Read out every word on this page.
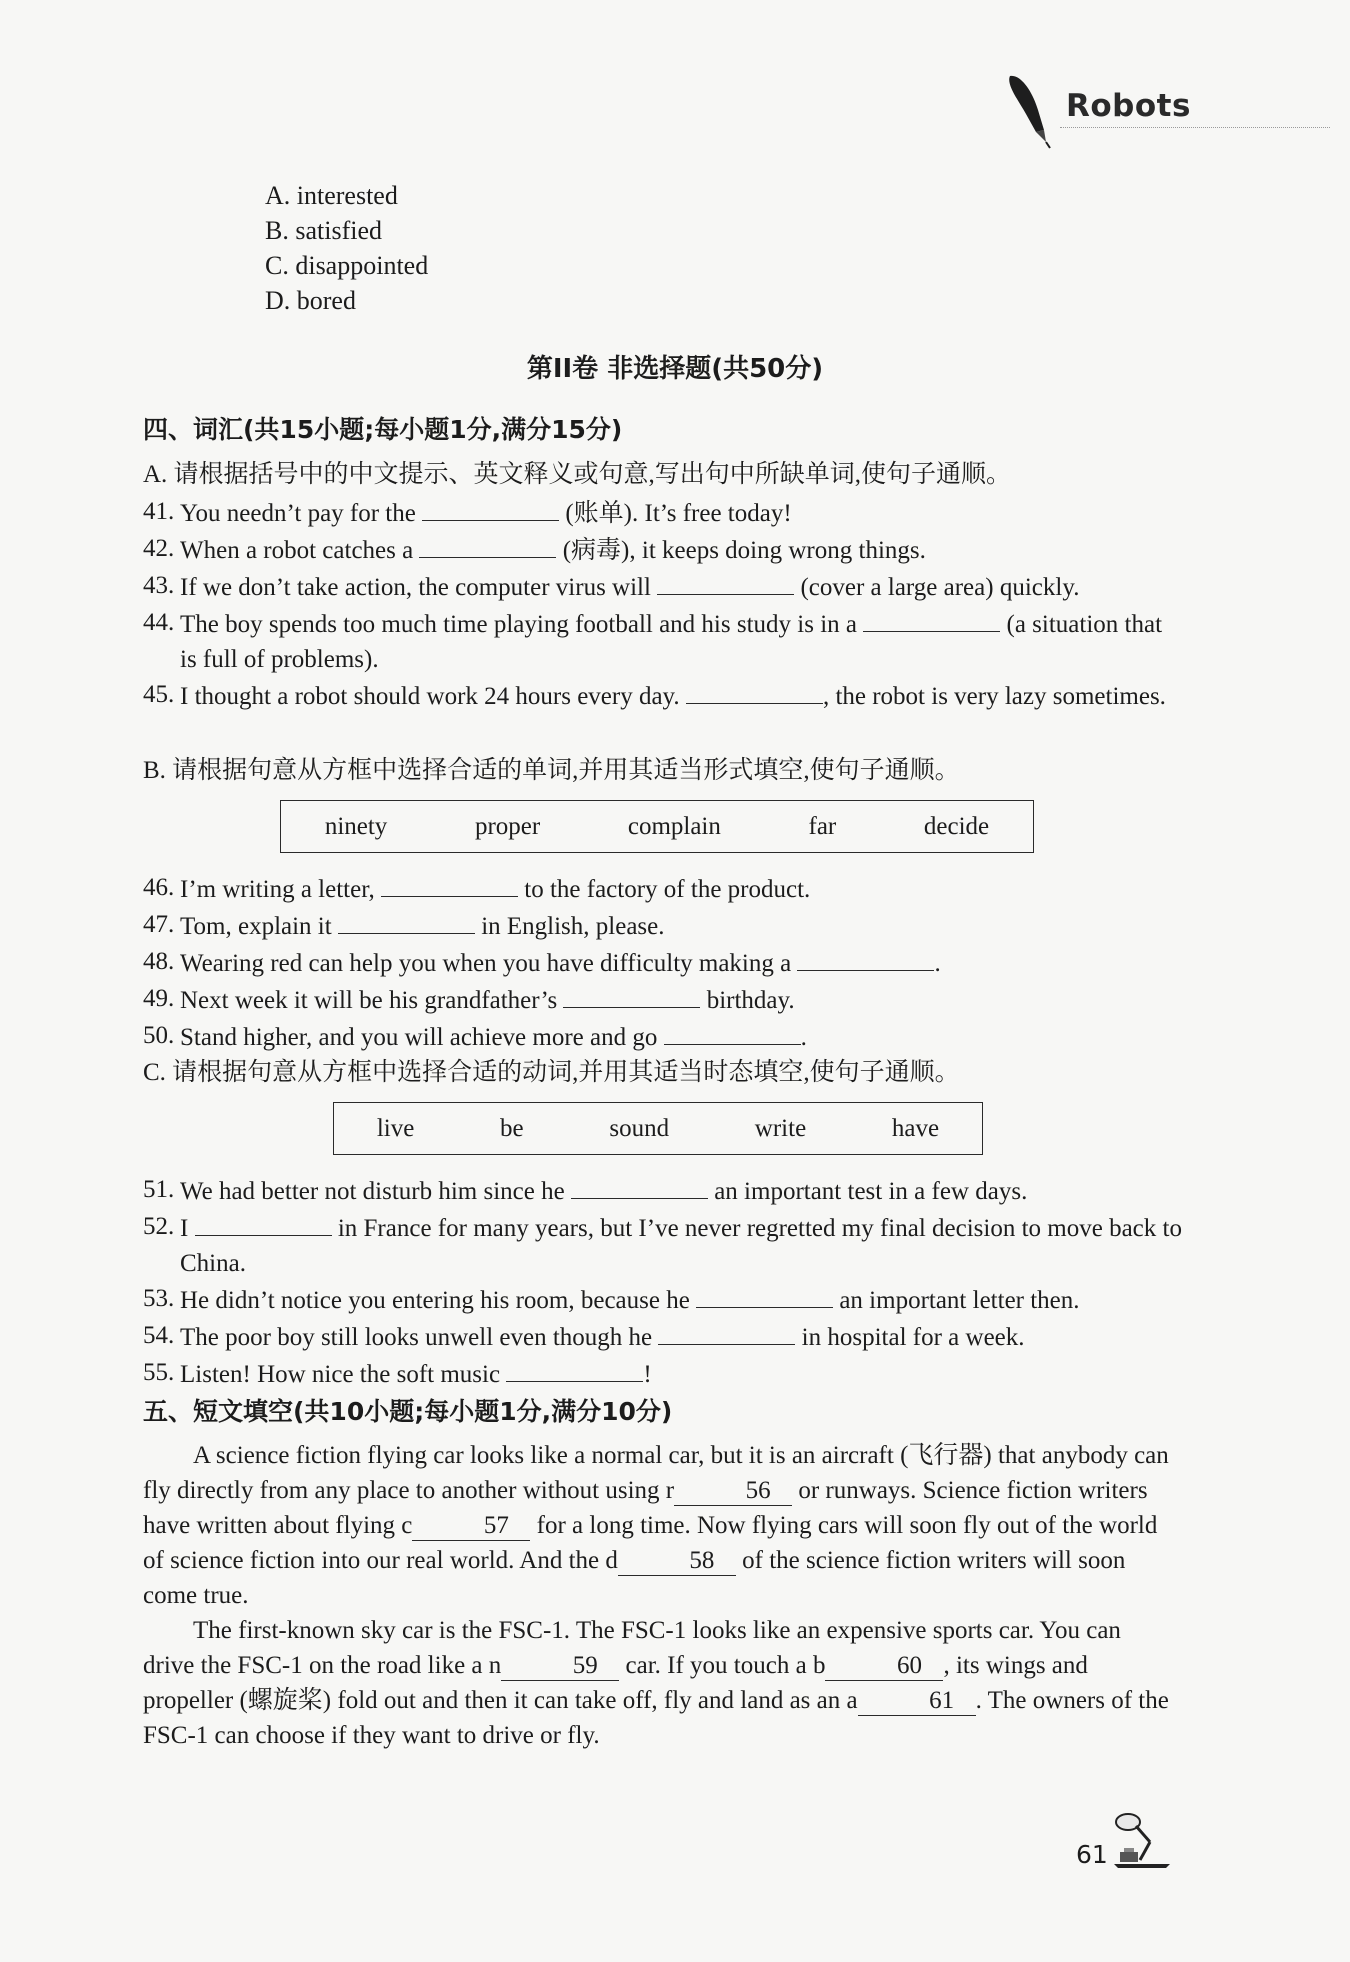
Robots
A. interested
B. satisfied
C. disappointed
D. bored
第II卷 非选择题(共50分)
四、词汇(共15小题;每小题1分,满分15分)
A. 请根据括号中的中文提示、英文释义或句意,写出句中所缺单词,使句子通顺。
41. You needn’t pay for the	(账单). It’s free today!
42. When a robot catches a	(病毒), it keeps doing wrong things.
43. If we don’t take action, the computer virus will	(cover a large area) quickly.
44. The boy spends too much time playing football and his study is in a	(a situation that is full of problems).
45. I thought a robot should work 24 hours every day.	, the robot is very lazy sometimes.
B. 请根据句意从方框中选择合适的单词,并用其适当形式填空,使句子通顺。
ninety	proper	complain	far	decide
46. I’m writing a letter,	to the factory of the product.
47. Tom, explain it	in English, please.
48. Wearing red can help you when you have difficulty making a	.
49. Next week it will be his grandfather’s	birthday.
50. Stand higher, and you will achieve more and go	.
C. 请根据句意从方框中选择合适的动词,并用其适当时态填空,使句子通顺。
live	be	sound	write	have
51. We had better not disturb him since he	an important test in a few days.
52. I	in France for many years, but I’ve never regretted my final decision to move back to China.
53. He didn’t notice you entering his room, because he	an important letter then.
54. The poor boy still looks unwell even though he	in hospital for a week.
55. Listen! How nice the soft music	!
五、短文填空(共10小题;每小题1分,满分10分)

A science fiction flying car looks like a normal car, but it is an aircraft (飞行器) that anybody can fly directly from any place to another without using r	56 or runways. Science fiction writers have written about flying c	57 for a long time. Now flying cars will soon fly out of the world of science fiction into our real world. And the d	58 of the science fiction writers will soon come true.

The first-known sky car is the FSC-1. The FSC-1 looks like an expensive sports car. You can drive the FSC-1 on the road like a n	59 car. If you touch a b	60 , its wings and propeller (螺旋桨) fold out and then it can take off, fly and land as an a	61 . The owners of the FSC-1 can choose if they want to drive or fly.

61
